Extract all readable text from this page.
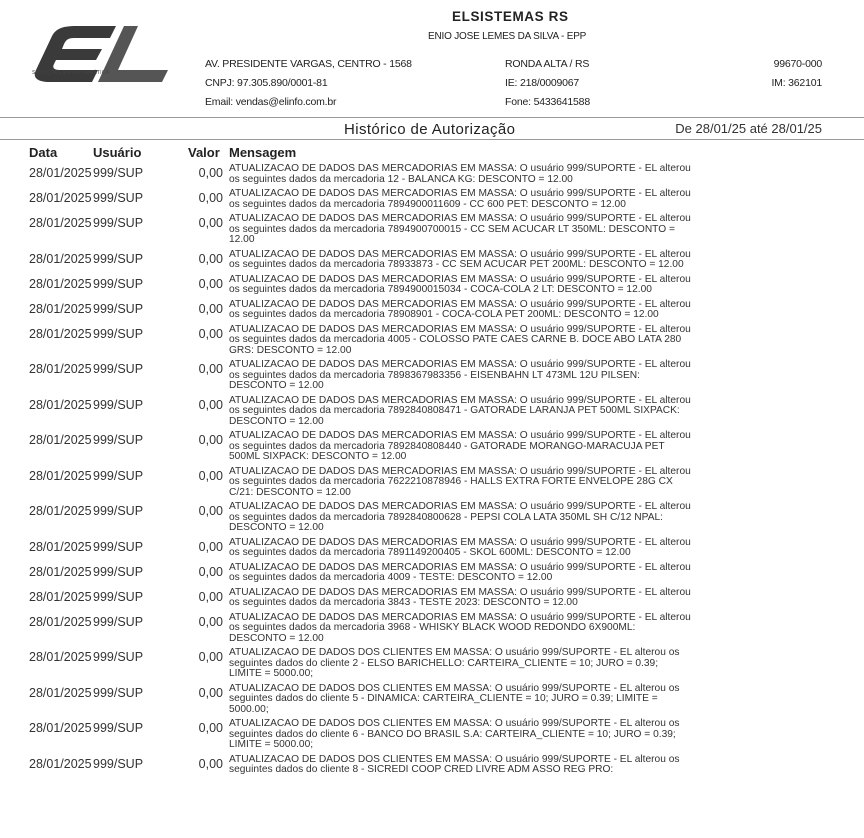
SOLUÇÕES EM INFORMÁTICA
ELSISTEMAS RS
ENIO JOSE LEMES DA SILVA - EPP
AV. PRESIDENTE VARGAS, CENTRO - 1568	RONDA ALTA / RS	99670-000
CNPJ: 97.305.890/0001-81	IE: 218/0009067	IM: 362101
Email: vendas@elinfo.com.br	Fone: 5433641588
Histórico de Autorização	De 28/01/25 até 28/01/25
Data	Usuário	Valor Mensagem
28/01/2025 999/SUP	0,00 ATUALIZACAO DE DADOS DAS MERCADORIAS EM MASSA: O usuário 999/SUPORTE - EL alterou os seguintes dados da mercadoria 12 - BALANCA KG: DESCONTO = 12.00
28/01/2025 999/SUP	0,00 ATUALIZACAO DE DADOS DAS MERCADORIAS EM MASSA: O usuário 999/SUPORTE - EL alterou os seguintes dados da mercadoria 7894900011609 - CC 600 PET: DESCONTO = 12.00
28/01/2025 999/SUP	0,00 ATUALIZACAO DE DADOS DAS MERCADORIAS EM MASSA: O usuário 999/SUPORTE - EL alterou os seguintes dados da mercadoria 7894900700015 - CC SEM ACUCAR LT 350ML: DESCONTO = 12.00
28/01/2025 999/SUP	0,00 ATUALIZACAO DE DADOS DAS MERCADORIAS EM MASSA: O usuário 999/SUPORTE - EL alterou os seguintes dados da mercadoria 78933873 - CC SEM ACUCAR PET 200ML: DESCONTO = 12.00
28/01/2025 999/SUP	0,00 ATUALIZACAO DE DADOS DAS MERCADORIAS EM MASSA: O usuário 999/SUPORTE - EL alterou os seguintes dados da mercadoria 7894900015034 - COCA-COLA 2 LT: DESCONTO = 12.00
28/01/2025 999/SUP	0,00 ATUALIZACAO DE DADOS DAS MERCADORIAS EM MASSA: O usuário 999/SUPORTE - EL alterou os seguintes dados da mercadoria 78908901 - COCA-COLA PET 200ML: DESCONTO = 12.00
28/01/2025 999/SUP	0,00 ATUALIZACAO DE DADOS DAS MERCADORIAS EM MASSA: O usuário 999/SUPORTE - EL alterou os seguintes dados da mercadoria 4005 - COLOSSO PATE CAES CARNE B. DOCE ABO LATA 280 GRS: DESCONTO = 12.00
28/01/2025 999/SUP	0,00 ATUALIZACAO DE DADOS DAS MERCADORIAS EM MASSA: O usuário 999/SUPORTE - EL alterou os seguintes dados da mercadoria 7898367983356 - EISENBAHN LT 473ML 12U PILSEN: DESCONTO = 12.00
28/01/2025 999/SUP	0,00 ATUALIZACAO DE DADOS DAS MERCADORIAS EM MASSA: O usuário 999/SUPORTE - EL alterou os seguintes dados da mercadoria 7892840808471 - GATORADE LARANJA PET 500ML SIXPACK: DESCONTO = 12.00
28/01/2025 999/SUP	0,00 ATUALIZACAO DE DADOS DAS MERCADORIAS EM MASSA: O usuário 999/SUPORTE - EL alterou os seguintes dados da mercadoria 7892840808440 - GATORADE MORANGO-MARACUJA PET 500ML SIXPACK: DESCONTO = 12.00
28/01/2025 999/SUP	0,00 ATUALIZACAO DE DADOS DAS MERCADORIAS EM MASSA: O usuário 999/SUPORTE - EL alterou os seguintes dados da mercadoria 7622210878946 - HALLS EXTRA FORTE ENVELOPE 28G CX C/21: DESCONTO = 12.00
28/01/2025 999/SUP	0,00 ATUALIZACAO DE DADOS DAS MERCADORIAS EM MASSA: O usuário 999/SUPORTE - EL alterou os seguintes dados da mercadoria 7892840800628 - PEPSI COLA LATA 350ML SH C/12 NPAL: DESCONTO = 12.00
28/01/2025 999/SUP	0,00 ATUALIZACAO DE DADOS DAS MERCADORIAS EM MASSA: O usuário 999/SUPORTE - EL alterou os seguintes dados da mercadoria 7891149200405 - SKOL 600ML: DESCONTO = 12.00
28/01/2025 999/SUP	0,00 ATUALIZACAO DE DADOS DAS MERCADORIAS EM MASSA: O usuário 999/SUPORTE - EL alterou os seguintes dados da mercadoria 4009 - TESTE: DESCONTO = 12.00
28/01/2025 999/SUP	0,00 ATUALIZACAO DE DADOS DAS MERCADORIAS EM MASSA: O usuário 999/SUPORTE - EL alterou os seguintes dados da mercadoria 3843 - TESTE 2023: DESCONTO = 12.00
28/01/2025 999/SUP	0,00 ATUALIZACAO DE DADOS DAS MERCADORIAS EM MASSA: O usuário 999/SUPORTE - EL alterou os seguintes dados da mercadoria 3968 - WHISKY BLACK WOOD REDONDO 6X900ML: DESCONTO = 12.00
28/01/2025 999/SUP	0,00 ATUALIZACAO DE DADOS DOS CLIENTES EM MASSA: O usuário 999/SUPORTE - EL alterou os seguintes dados do cliente 2 - ELSO BARICHELLO: CARTEIRA_CLIENTE = 10; JURO = 0.39; LIMITE = 5000.00;
28/01/2025 999/SUP	0,00 ATUALIZACAO DE DADOS DOS CLIENTES EM MASSA: O usuário 999/SUPORTE - EL alterou os seguintes dados do cliente 5 - DINAMICA: CARTEIRA_CLIENTE = 10; JURO = 0.39; LIMITE = 5000.00;
28/01/2025 999/SUP	0,00 ATUALIZACAO DE DADOS DOS CLIENTES EM MASSA: O usuário 999/SUPORTE - EL alterou os seguintes dados do cliente 6 - BANCO DO BRASIL S.A: CARTEIRA_CLIENTE = 10; JURO = 0.39; LIMITE = 5000.00;
28/01/2025 999/SUP	0,00 ATUALIZACAO DE DADOS DOS CLIENTES EM MASSA: O usuário 999/SUPORTE - EL alterou os seguintes dados do cliente 8 - SICREDI COOP CRED LIVRE ADM ASSO REG PRO:
